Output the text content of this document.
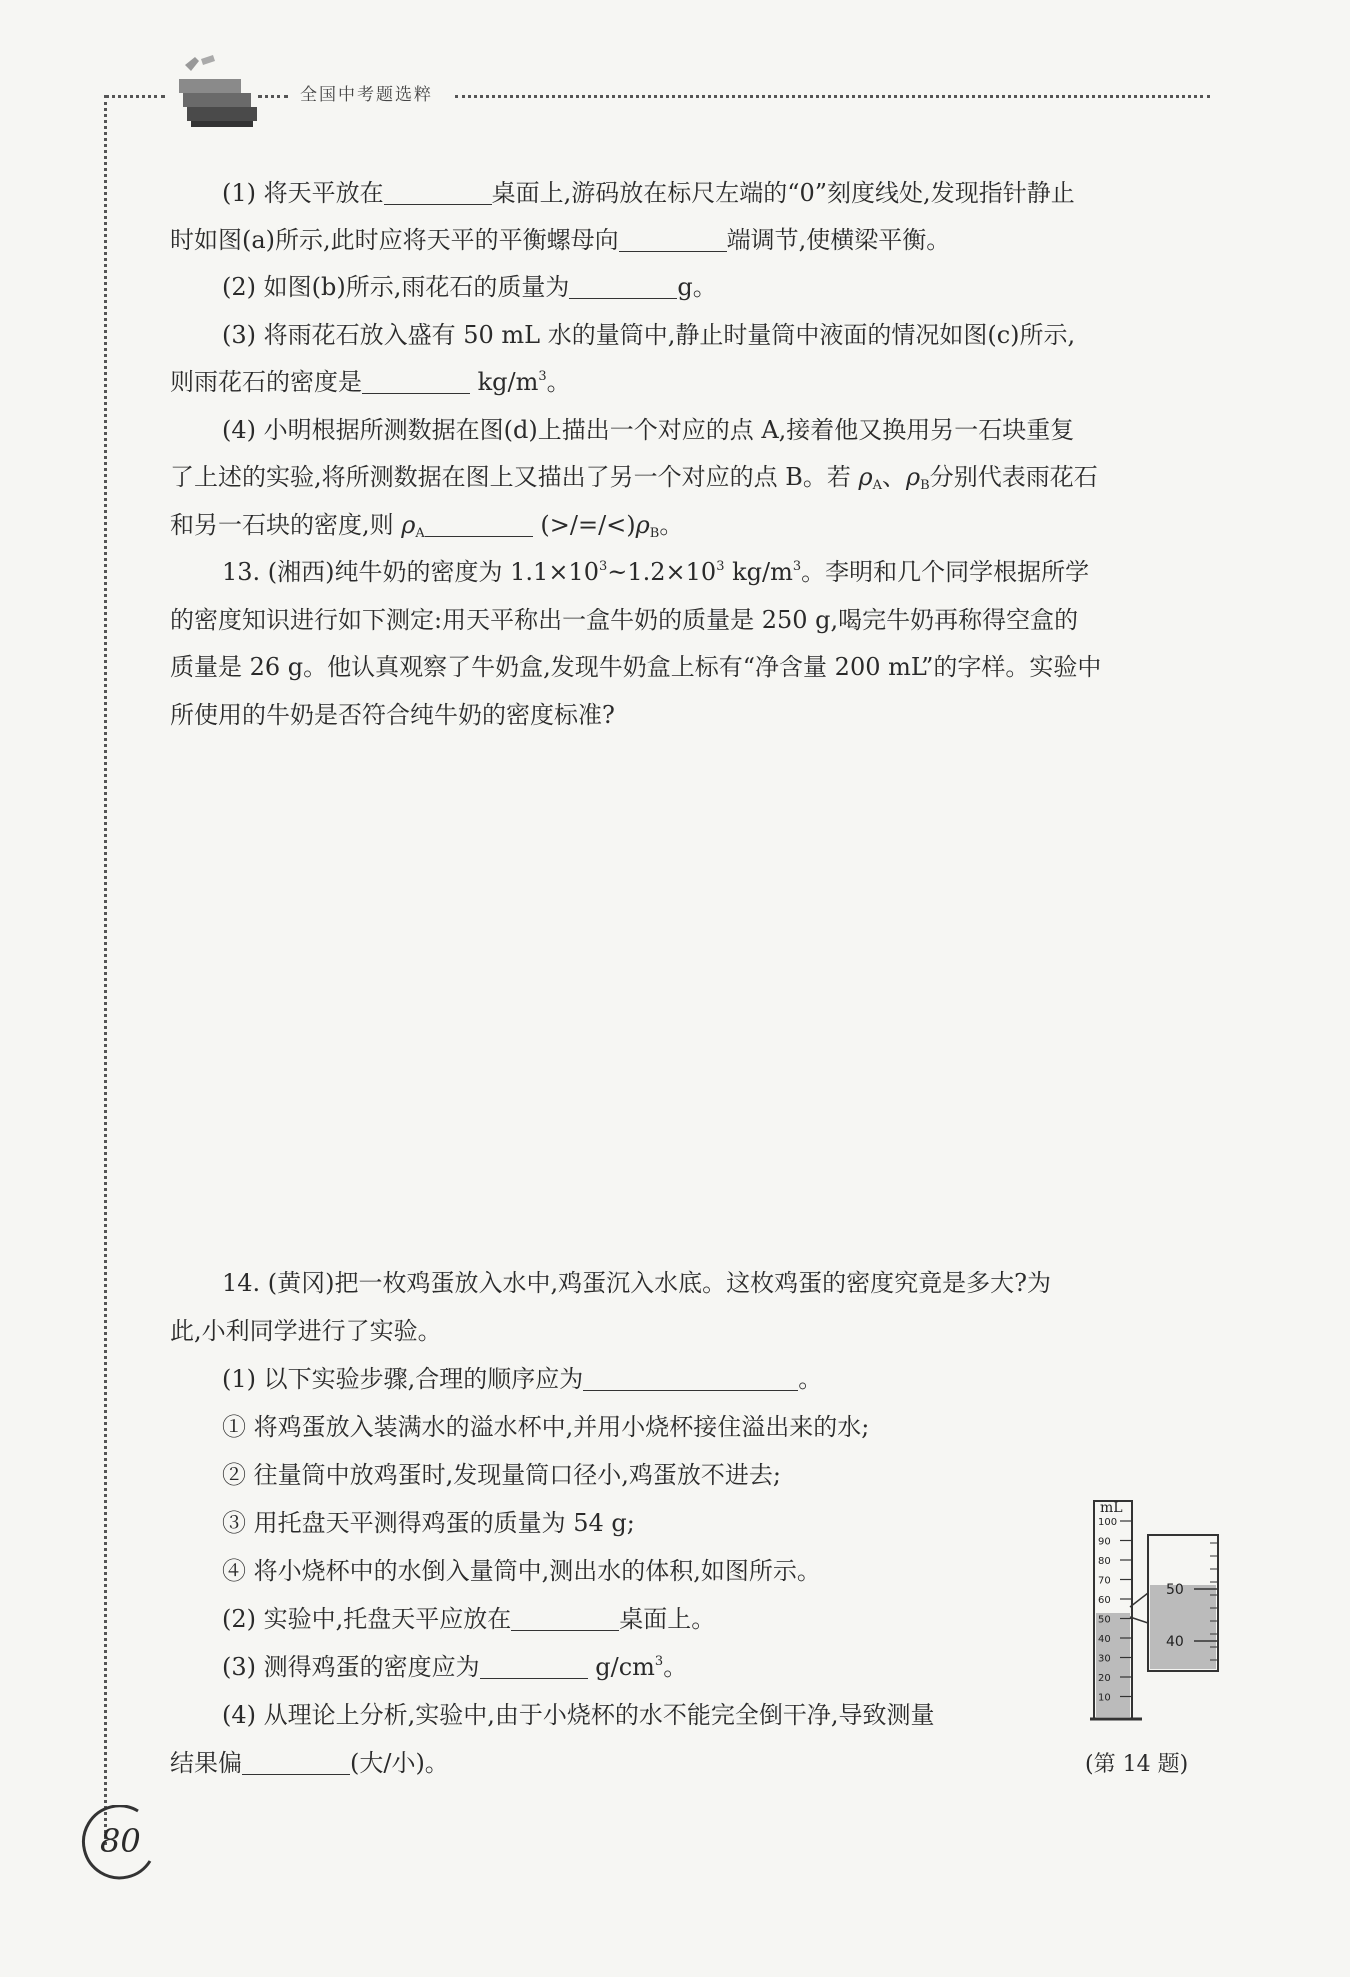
全国中考题选粹
(1) 将天平放在	桌面上,游码放在标尺左端的“0”刻度线处,发现指针静止
时如图(a)所示,此时应将天平的平衡螺母向	端调节,使横梁平衡。
(2) 如图(b)所示,雨花石的质量为	g。
(3) 将雨花石放入盛有 50 mL 水的量筒中,静止时量筒中液面的情况如图(c)所示,
则雨花石的密度是	$kg/m^3$。
(4) 小明根据所测数据在图(d)上描出一个对应的点 A,接着他又换用另一石块重复
了上述的实验,将所测数据在图上又描出了另一个对应的点 B。若 $\rho_A$、$\rho_B$分别代表雨花石
和另一石块的密度,则 $\rho_A$	$(>/=/<)\rho_B$。
13. (湘西)纯牛奶的密度为 $1.1\times 10^3\sim 1.2\times 10^3$ $kg/m^3$。李明和几个同学根据所学
的密度知识进行如下测定:用天平称出一盒牛奶的质量是 250 g,喝完牛奶再称得空盒的
质量是 26 g。他认真观察了牛奶盒,发现牛奶盒上标有“净含量 200 mL”的字样。实验中
所使用的牛奶是否符合纯牛奶的密度标准?
14. (黄冈)把一枚鸡蛋放入水中,鸡蛋沉入水底。这枚鸡蛋的密度究竟是多大?为
此,小利同学进行了实验。
(1) 以下实验步骤,合理的顺序应为	。
① 将鸡蛋放入装满水的溢水杯中,并用小烧杯接住溢出来的水;
② 往量筒中放鸡蛋时,发现量筒口径小,鸡蛋放不进去;
③ 用托盘天平测得鸡蛋的质量为 54 g;
④ 将小烧杯中的水倒入量筒中,测出水的体积,如图所示。
(2) 实验中,托盘天平应放在	桌面上。
(3) 测得鸡蛋的密度应为	$g/cm^3$。
(4) 从理论上分析,实验中,由于小烧杯的水不能完全倒干净,导致测量
结果偏	(大/小)。
mL
100
90
80
70
60
50
40
30
20
10
50
40
(第 14 题)
80
